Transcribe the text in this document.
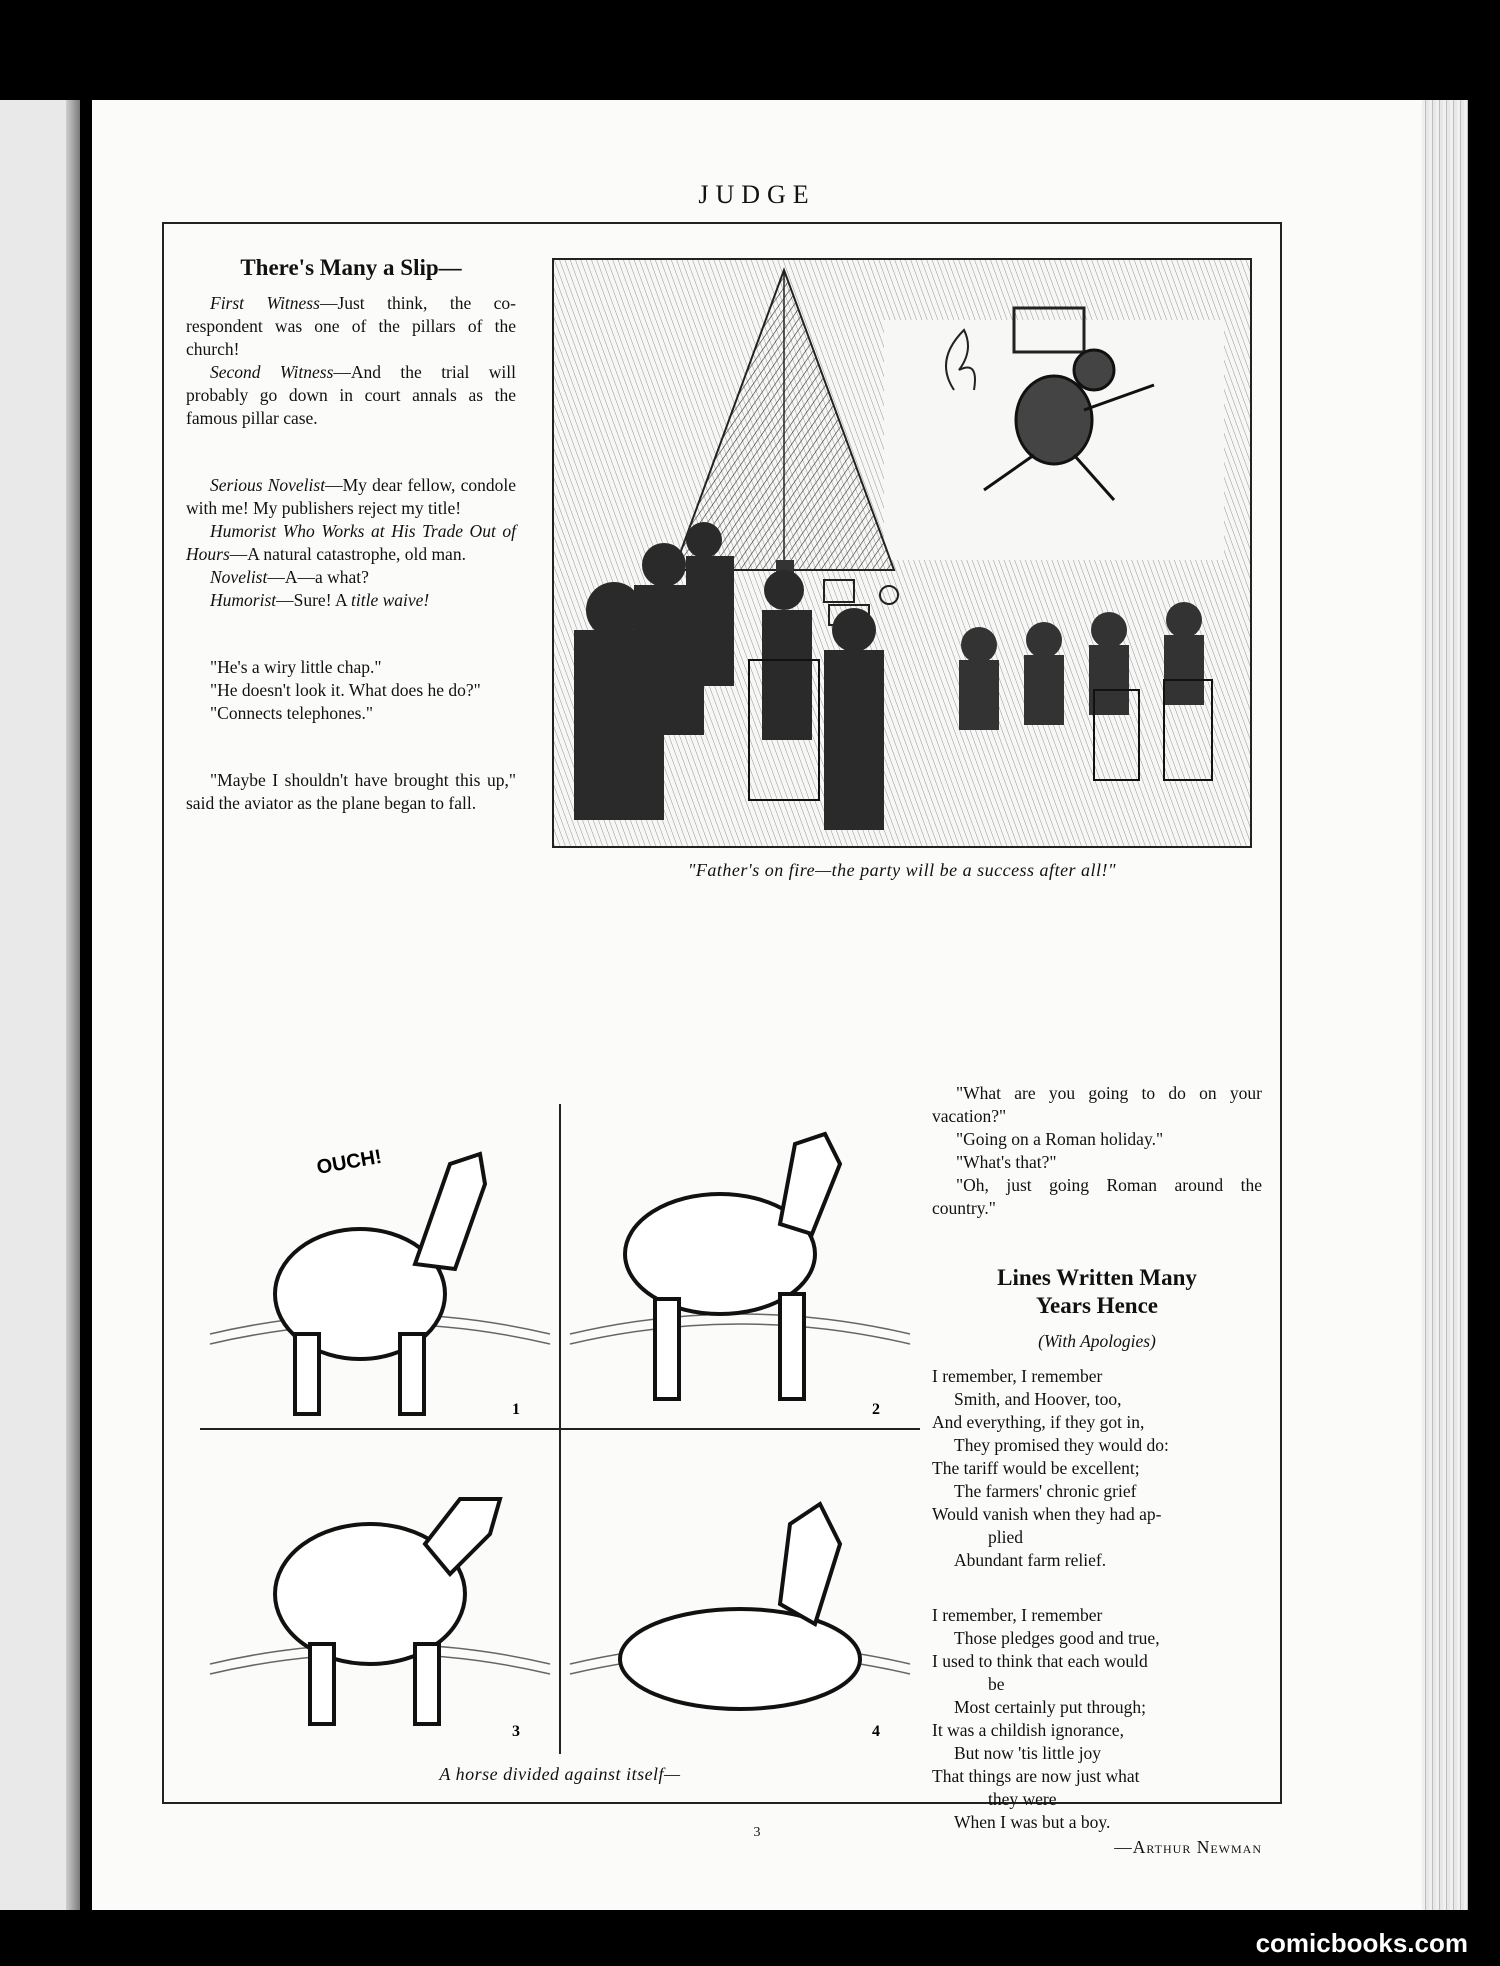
JUDGE
There's Many a Slip—

First Witness—Just think, the co-respondent was one of the pillars of the church!

Second Witness—And the trial will probably go down in court annals as the famous pillar case.

Serious Novelist—My dear fellow, condole with me! My publishers reject my title!

Humorist Who Works at His Trade Out of Hours—A natural catastrophe, old man.

Novelist—A—a what?

Humorist—Sure! A title waive!

"He's a wiry little chap."

"He doesn't look it. What does he do?"

"Connects telephones."

"Maybe I shouldn't have brought this up," said the aviator as the plane began to fall.

"Father's on fire—the party will be a success after all!"
OUCH!
1	2
3	4
A horse divided against itself—

"What are you going to do on your vacation?"

"Going on a Roman holiday."

"What's that?"

"Oh, just going Roman around the country."

Lines Written Many
Years Hence
(With Apologies)
I remember, I remember
Smith, and Hoover, too,
And everything, if they got in,
They promised they would do:
The tariff would be excellent;
The farmers' chronic grief
Would vanish when they had ap-
plied
Abundant farm relief.
I remember, I remember
Those pledges good and true,
I used to think that each would
be
Most certainly put through;
It was a childish ignorance,
But now 'tis little joy
That things are now just what
they were
When I was but a boy.
—Arthur Newman
3
comicbooks.com
